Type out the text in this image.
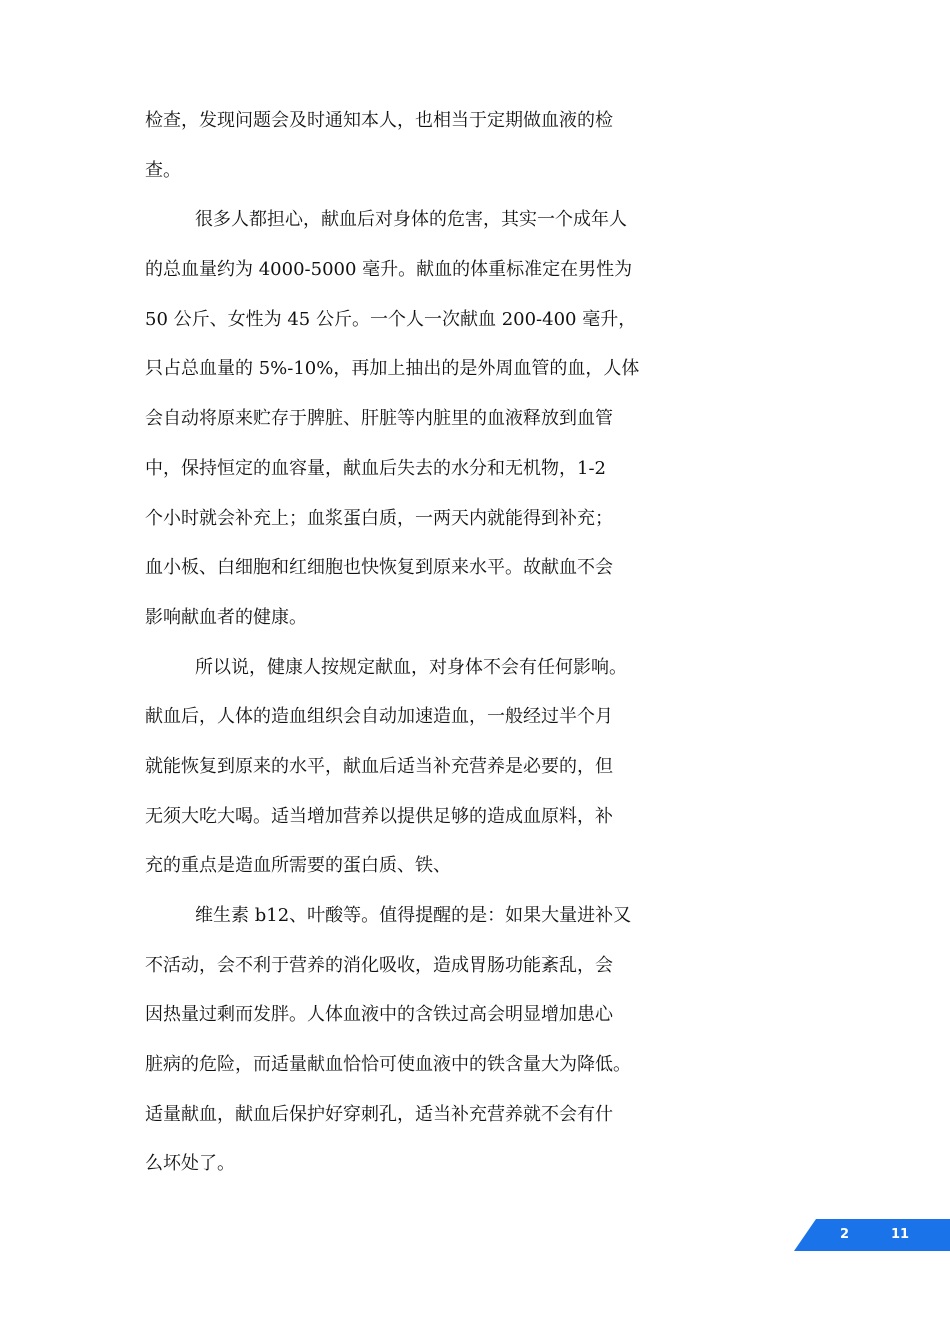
检查，发现问题会及时通知本人，也相当于定期做血液的检
查。
很多人都担心，献血后对身体的危害，其实一个成年人
的总血量约为 4000-5000 毫升。献血的体重标准定在男性为
50 公斤、女性为 45 公斤。一个人一次献血 200-400 毫升，
只占总血量的 5%-10%，再加上抽出的是外周血管的血，人体
会自动将原来贮存于脾脏、肝脏等内脏里的血液释放到血管
中，保持恒定的血容量，献血后失去的水分和无机物，1-2
个小时就会补充上；血浆蛋白质，一两天内就能得到补充；
血小板、白细胞和红细胞也快恢复到原来水平。故献血不会
影响献血者的健康。
所以说，健康人按规定献血，对身体不会有任何影响。
献血后，人体的造血组织会自动加速造血，一般经过半个月
就能恢复到原来的水平，献血后适当补充营养是必要的，但
无须大吃大喝。适当增加营养以提供足够的造成血原料，补
充的重点是造血所需要的蛋白质、铁、
维生素 b12、叶酸等。值得提醒的是：如果大量进补又
不活动，会不利于营养的消化吸收，造成胃肠功能紊乱，会
因热量过剩而发胖。人体血液中的含铁过高会明显增加患心
脏病的危险，而适量献血恰恰可使血液中的铁含量大为降低。
适量献血，献血后保护好穿刺孔，适当补充营养就不会有什
么坏处了。
2	11
